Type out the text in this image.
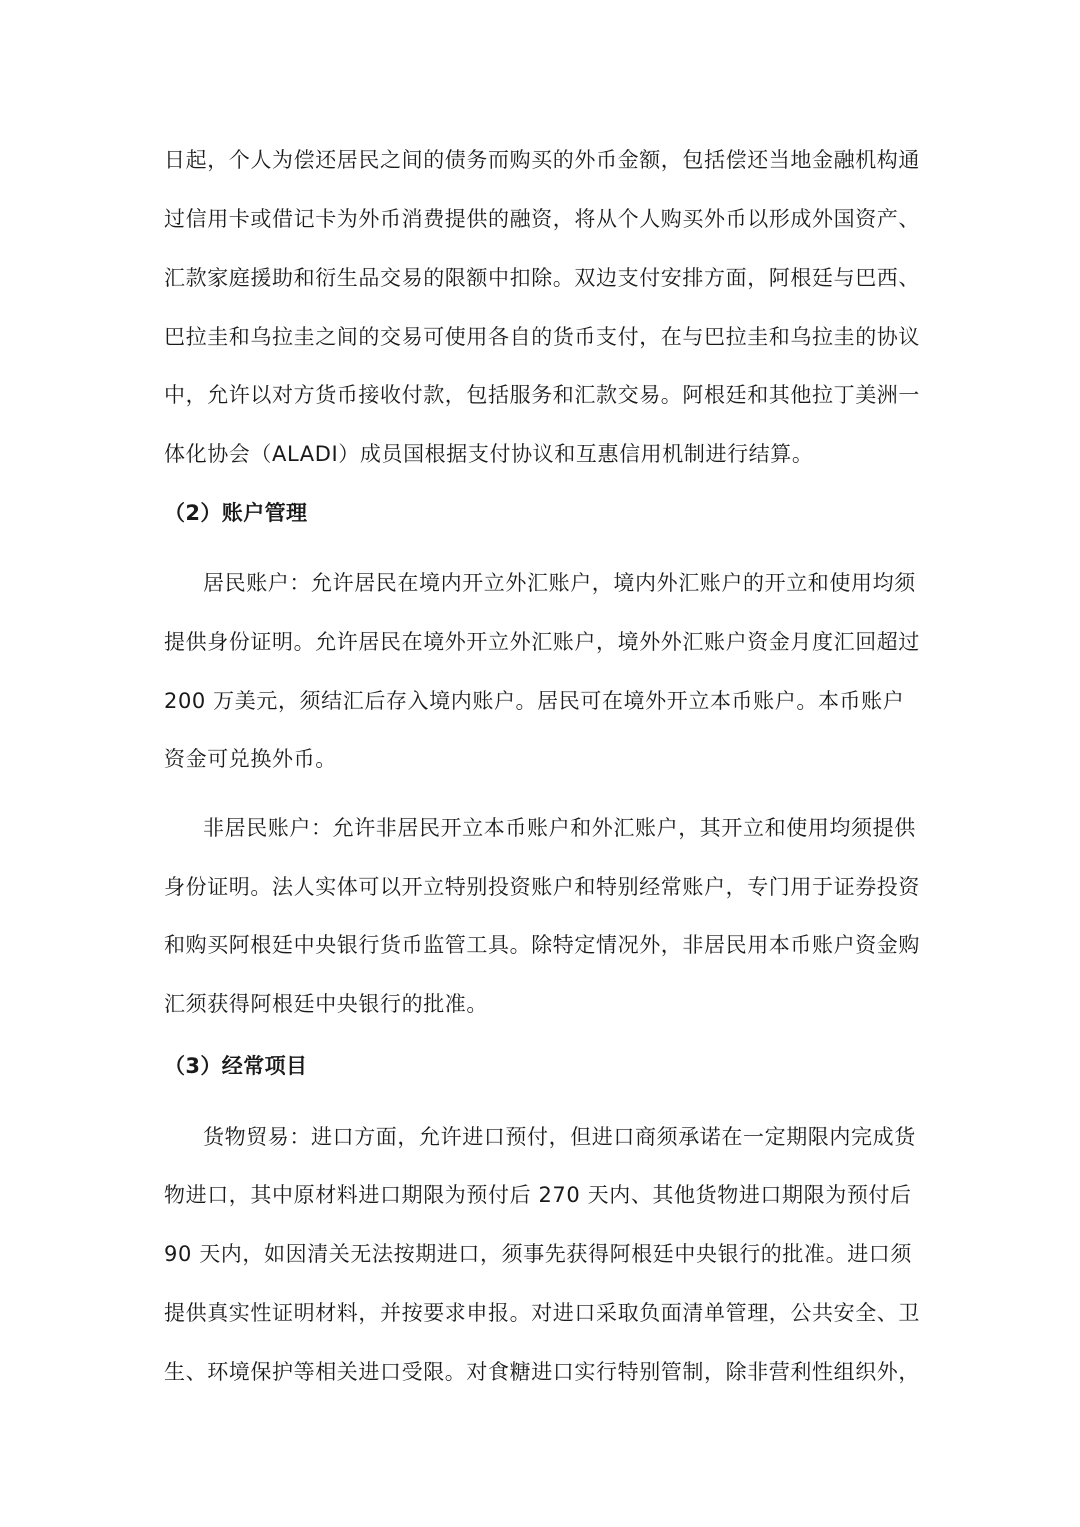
日起，个人为偿还居民之间的债务而购买的外币金额，包括偿还当地金融机构通
过信用卡或借记卡为外币消费提供的融资，将从个人购买外币以形成外国资产、
汇款家庭援助和衍生品交易的限额中扣除。双边支付安排方面，阿根廷与巴西、
巴拉圭和乌拉圭之间的交易可使用各自的货币支付，在与巴拉圭和乌拉圭的协议
中，允许以对方货币接收付款，包括服务和汇款交易。阿根廷和其他拉丁美洲一
体化协会（ALADI）成员国根据支付协议和互惠信用机制进行结算。
（2）账户管理
居民账户：允许居民在境内开立外汇账户，境内外汇账户的开立和使用均须
提供身份证明。允许居民在境外开立外汇账户，境外外汇账户资金月度汇回超过
200 万美元，须结汇后存入境内账户。居民可在境外开立本币账户。本币账户
资金可兑换外币。
非居民账户：允许非居民开立本币账户和外汇账户，其开立和使用均须提供
身份证明。法人实体可以开立特别投资账户和特别经常账户，专门用于证券投资
和购买阿根廷中央银行货币监管工具。除特定情况外，非居民用本币账户资金购
汇须获得阿根廷中央银行的批准。
（3）经常项目
货物贸易：进口方面，允许进口预付，但进口商须承诺在一定期限内完成货
物进口，其中原材料进口期限为预付后 270 天内、其他货物进口期限为预付后
90 天内，如因清关无法按期进口，须事先获得阿根廷中央银行的批准。进口须
提供真实性证明材料，并按要求申报。对进口采取负面清单管理，公共安全、卫
生、环境保护等相关进口受限。对食糖进口实行特别管制，除非营利性组织外，
